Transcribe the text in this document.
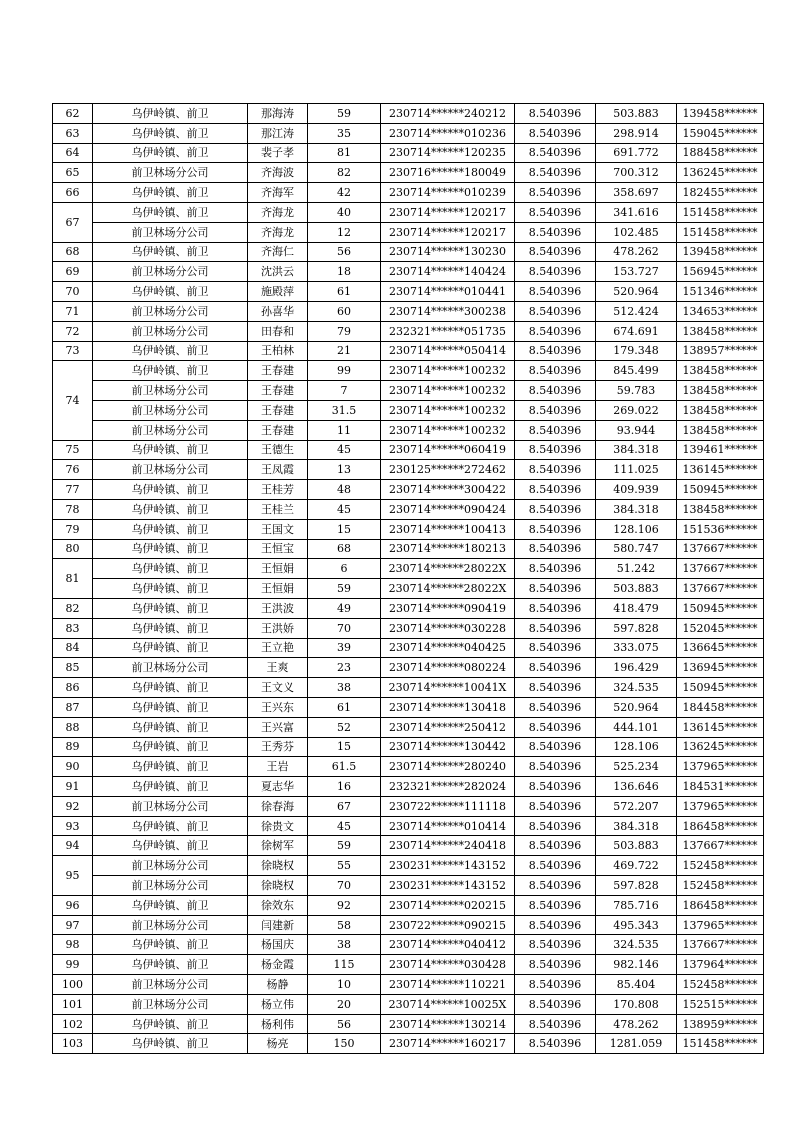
62	乌伊岭镇、前卫	那海涛	59	230714******240212	8.540396	503.883	139458******
63	乌伊岭镇、前卫	那江涛	35	230714******010236	8.540396	298.914	159045******
64	乌伊岭镇、前卫	裴子孝	81	230714******120235	8.540396	691.772	188458******
65	前卫林场分公司	齐海波	82	230716******180049	8.540396	700.312	136245******
66	乌伊岭镇、前卫	齐海军	42	230714******010239	8.540396	358.697	182455******
67	乌伊岭镇、前卫	齐海龙	40	230714******120217	8.540396	341.616	151458******
	前卫林场分公司	齐海龙	12	230714******120217	8.540396	102.485	151458******
68	乌伊岭镇、前卫	齐海仁	56	230714******130230	8.540396	478.262	139458******
69	前卫林场分公司	沈洪云	18	230714******140424	8.540396	153.727	156945******
70	乌伊岭镇、前卫	施殿萍	61	230714******010441	8.540396	520.964	151346******
71	前卫林场分公司	孙喜华	60	230714******300238	8.540396	512.424	134653******
72	前卫林场分公司	田春和	79	232321******051735	8.540396	674.691	138458******
73	乌伊岭镇、前卫	王柏林	21	230714******050414	8.540396	179.348	138957******
74	乌伊岭镇、前卫	王春建	99	230714******100232	8.540396	845.499	138458******
	前卫林场分公司	王春建	7	230714******100232	8.540396	59.783	138458******
	前卫林场分公司	王春建	31.5	230714******100232	8.540396	269.022	138458******
	前卫林场分公司	王春建	11	230714******100232	8.540396	93.944	138458******
75	乌伊岭镇、前卫	王德生	45	230714******060419	8.540396	384.318	139461******
76	前卫林场分公司	王凤霞	13	230125******272462	8.540396	111.025	136145******
77	乌伊岭镇、前卫	王桂芳	48	230714******300422	8.540396	409.939	150945******
78	乌伊岭镇、前卫	王桂兰	45	230714******090424	8.540396	384.318	138458******
79	乌伊岭镇、前卫	王国文	15	230714******100413	8.540396	128.106	151536******
80	乌伊岭镇、前卫	王恒宝	68	230714******180213	8.540396	580.747	137667******
81	乌伊岭镇、前卫	王恒娟	6	230714******28022X	8.540396	51.242	137667******
	乌伊岭镇、前卫	王恒娟	59	230714******28022X	8.540396	503.883	137667******
82	乌伊岭镇、前卫	王洪波	49	230714******090419	8.540396	418.479	150945******
83	乌伊岭镇、前卫	王洪娇	70	230714******030228	8.540396	597.828	152045******
84	乌伊岭镇、前卫	王立艳	39	230714******040425	8.540396	333.075	136645******
85	前卫林场分公司	王爽	23	230714******080224	8.540396	196.429	136945******
86	乌伊岭镇、前卫	王文义	38	230714******10041X	8.540396	324.535	150945******
87	乌伊岭镇、前卫	王兴东	61	230714******130418	8.540396	520.964	184458******
88	乌伊岭镇、前卫	王兴富	52	230714******250412	8.540396	444.101	136145******
89	乌伊岭镇、前卫	王秀芬	15	230714******130442	8.540396	128.106	136245******
90	乌伊岭镇、前卫	王岩	61.5	230714******280240	8.540396	525.234	137965******
91	乌伊岭镇、前卫	夏志华	16	232321******282024	8.540396	136.646	184531******
92	前卫林场分公司	徐春海	67	230722******111118	8.540396	572.207	137965******
93	乌伊岭镇、前卫	徐贵文	45	230714******010414	8.540396	384.318	186458******
94	乌伊岭镇、前卫	徐树军	59	230714******240418	8.540396	503.883	137667******
95	前卫林场分公司	徐晓权	55	230231******143152	8.540396	469.722	152458******
	前卫林场分公司	徐晓权	70	230231******143152	8.540396	597.828	152458******
96	乌伊岭镇、前卫	徐效东	92	230714******020215	8.540396	785.716	186458******
97	前卫林场分公司	闫建新	58	230722******090215	8.540396	495.343	137965******
98	乌伊岭镇、前卫	杨国庆	38	230714******040412	8.540396	324.535	137667******
99	乌伊岭镇、前卫	杨金霞	115	230714******030428	8.540396	982.146	137964******
100	前卫林场分公司	杨静	10	230714******110221	8.540396	85.404	152458******
101	前卫林场分公司	杨立伟	20	230714******10025X	8.540396	170.808	152515******
102	乌伊岭镇、前卫	杨利伟	56	230714******130214	8.540396	478.262	138959******
103	乌伊岭镇、前卫	杨亮	150	230714******160217	8.540396	1281.059	151458******
